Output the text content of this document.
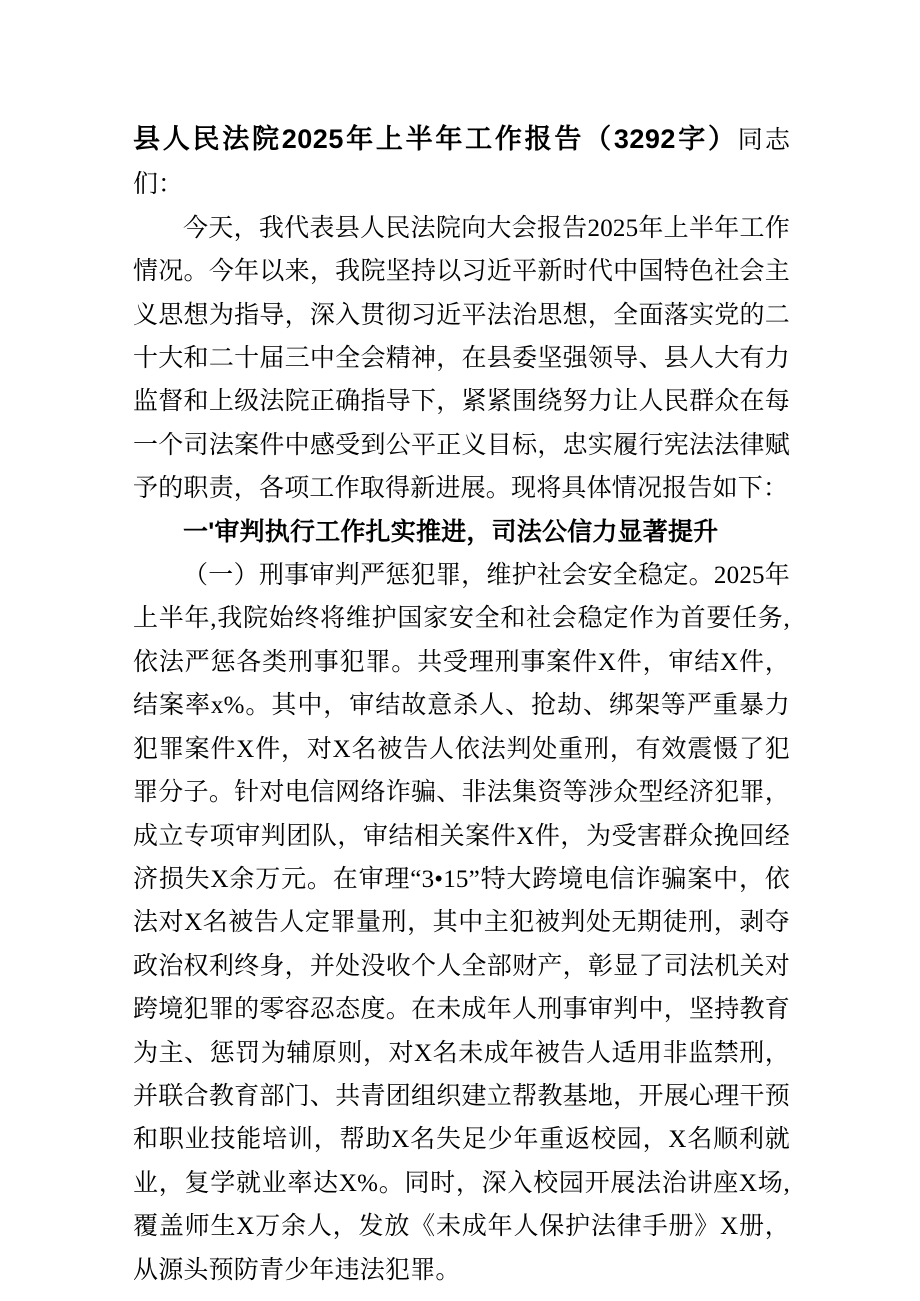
县人民法院2025年上半年工作报告（3292字）同志们：

今天，我代表县人民法院向大会报告2025年上半年工作情况。今年以来，我院坚持以习近平新时代中国特色社会主义思想为指导，深入贯彻习近平法治思想，全面落实党的二十大和二十届三中全会精神，在县委坚强领导、县人大有力监督和上级法院正确指导下，紧紧围绕努力让人民群众在每一个司法案件中感受到公平正义目标，忠实履行宪法法律赋予的职责，各项工作取得新进展。现将具体情况报告如下：

一'审判执行工作扎实推进，司法公信力显著提升

（一）刑事审判严惩犯罪，维护社会安全稳定。2025年上半年,我院始终将维护国家安全和社会稳定作为首要任务,依法严惩各类刑事犯罪。共受理刑事案件X件，审结X件，结案率x%。其中，审结故意杀人、抢劫、绑架等严重暴力犯罪案件X件，对X名被告人依法判处重刑，有效震慑了犯罪分子。针对电信网络诈骗、非法集资等涉众型经济犯罪，成立专项审判团队，审结相关案件X件，为受害群众挽回经济损失X余万元。在审理“3•15”特大跨境电信诈骗案中，依法对X名被告人定罪量刑，其中主犯被判处无期徒刑，剥夺政治权利终身，并处没收个人全部财产，彰显了司法机关对跨境犯罪的零容忍态度。在未成年人刑事审判中，坚持教育为主、惩罚为辅原则，对X名未成年被告人适用非监禁刑，并联合教育部门、共青团组织建立帮教基地，开展心理干预和职业技能培训，帮助X名失足少年重返校园，X名顺利就业，复学就业率达X%。同时，深入校园开展法治讲座X场,覆盖师生X万余人，发放《未成年人保护法律手册》X册，从源头预防青少年违法犯罪。
